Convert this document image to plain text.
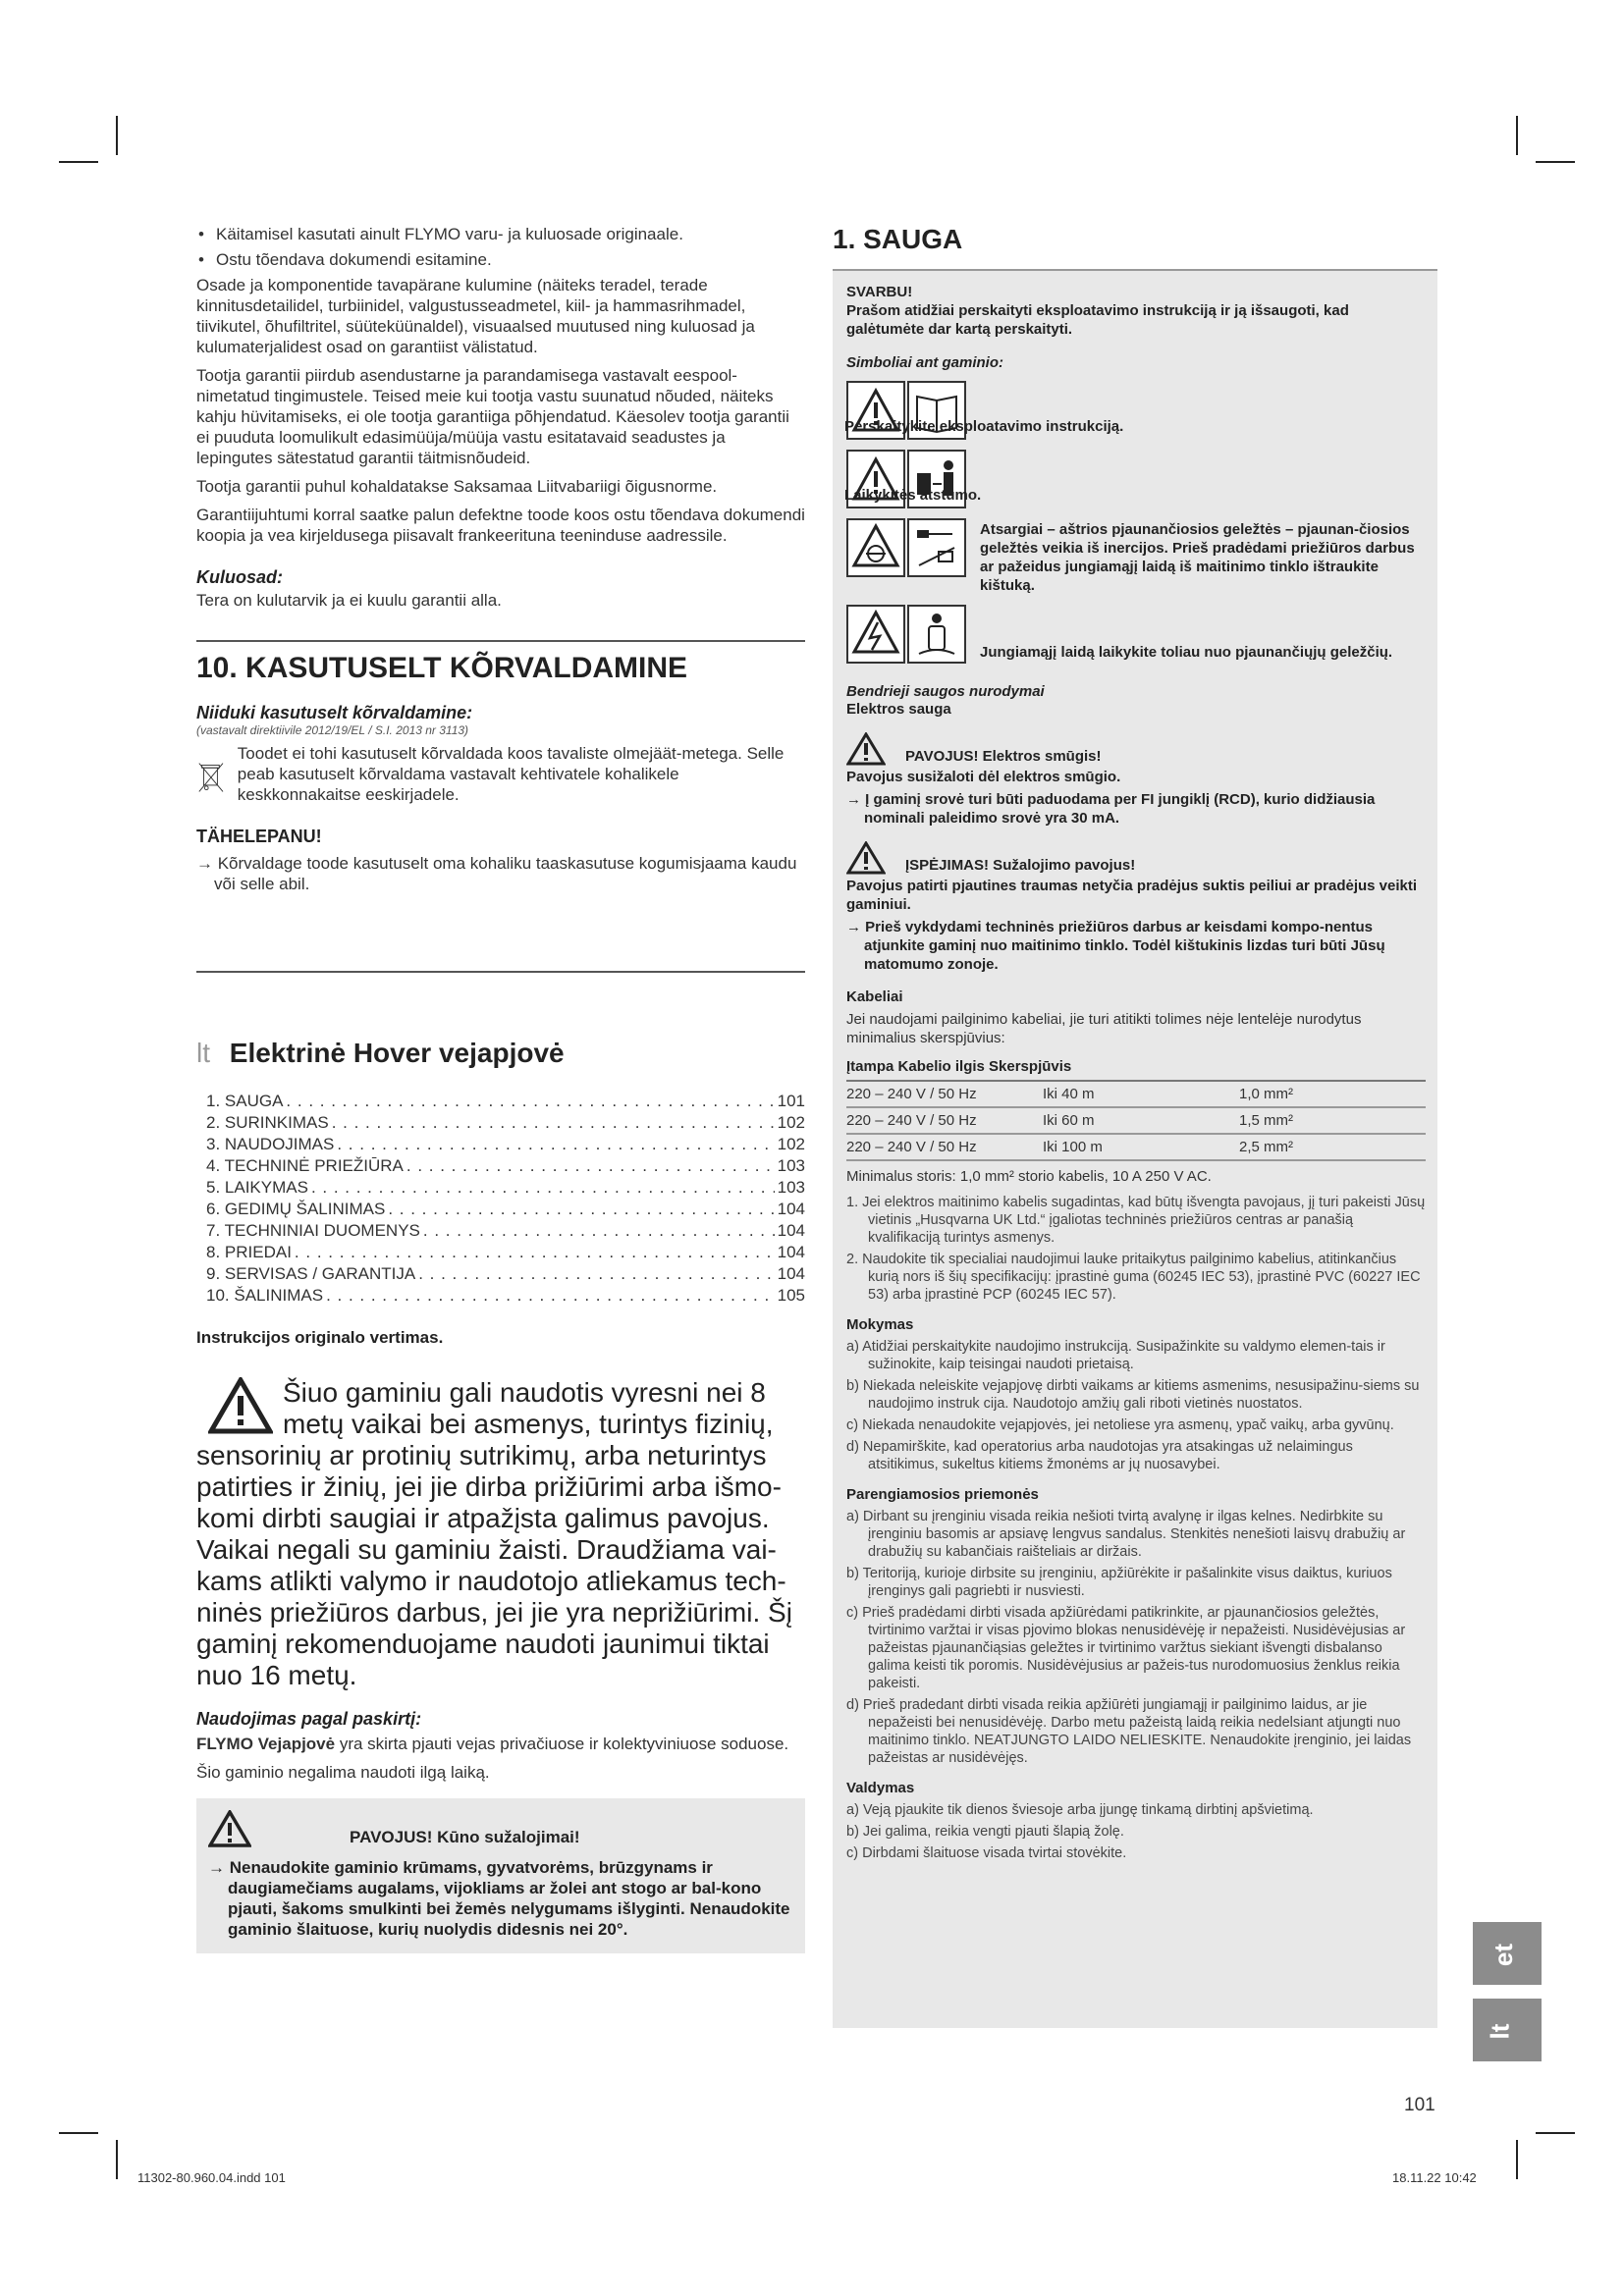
• Käitamisel kasutati ainult FLYMO varu- ja kuluosade originaale.
• Ostu tõendava dokumendi esitamine.

Osade ja komponentide tavapärane kulumine (näiteks teradel, terade kinnitusdetailidel, turbiinidel, valgustusseadmetel, kiil- ja hammasrihmadel, tiivikutel, õhufiltritel, süüteküünaldel), visuaalsed muutused ning kuluosad ja kulumaterjalidest osad on garantiist välistatud.

Tootja garantii piirdub asendustarne ja parandamisega vastavalt eespool-nimetatud tingimustele. Teised meie kui tootja vastu suunatud nõuded, näiteks kahju hüvitamiseks, ei ole tootja garantiiga põhjendatud. Käesolev tootja garantii ei puuduta loomulikult edasimüüja/müüja vastu esitatavaid seadustes ja lepingutes sätestatud garantii täitmisnõudeid.

Tootja garantii puhul kohaldatakse Saksamaa Liitvabariigi õigusnormе.

Garantiijuhtumi korral saatke palun defektne toode koos ostu tõendava dokumendi koopia ja vea kirjeldusega piisavalt frankeerituna teeninduse aadressile.

Kuluosad:

Tera on kulutarvik ja ei kuulu garantii alla.

10. KASUTUSELT KÕRVALDAMINE
Niiduki kasutuselt kõrvaldamine:
(vastavalt direktiivile 2012/19/EL / S.I. 2013 nr 3113)

Toodet ei tohi kasutuselt kõrvaldada koos tavaliste olmejäät-metega. Selle peab kasutuselt kõrvaldama vastavalt kehtivatele kohalikele keskkonnakaitse eeskirjadele.

TÄHELEPANU!

→ Kõrvaldage toode kasutuselt oma kohaliku taaskasutuse kogumisjaama kaudu või selle abil.

lt Elektrinė Hover vejapjovė
1. SAUGA . . .	101
2. SURINKIMAS . . .	102
3. NAUDOJIMAS . . .	102
4. TECHNINĖ PRIEŽIŪRA . . .	103
5. LAIKYMAS . . .	103
6. GEDIMŲ ŠALINIMAS . . .	104
7. TECHNINIAI DUOMENYS . . .	104
8. PRIEDAI . . .	104
9. SERVISAS / GARANTIJA . . .	104
10. ŠALINIMAS . . .	105
Instrukcijos originalo vertimas.
Šiuo gaminiu gali naudotis vyresni nei 8 metų vaikai bei asmenys, turintys fizinių, sensorinių ar protinių sutrikimų, arba neturintys patirties ir žinių, jei jie dirba prižiūrimi arba išmo-komi dirbti saugiai ir atpažįsta galimus pavojus. Vaikai negali su gaminiu žaisti. Draudžiama vai-kams atlikti valymo ir naudotojo atliekamus tech-ninės priežiūros darbus, jei jie yra neprižiūrimi. Šį gaminį rekomenduojame naudoti jaunimui tiktai nuo 16 metų.
Naudojimas pagal paskirtį:

FLYMO Vejapjovė yra skirta pjauti vejas privačiuose ir kolektyviniuose soduose.

Šio gaminio negalima naudoti ilgą laiką.

PAVOJUS! Kūno sužalojimai!

→ Nenaudokite gaminio krūmams, gyvatvorėms, brūzgynams ir daugiamečiams augalams, vijokliams ar žolei ant stogo ar bal-kono pjauti, šakoms smulkinti bei žemės nelygumams išlyginti. Nenaudokite gaminio šlaituose, kurių nuolydis didesnis nei 20°.

1. SAUGA
SVARBU!
Prašom atidžiai perskaityti eksploatavimo instrukciją ir ją išsaugoti, kad galėtumėte dar kartą perskaityti.
Simboliai ant gaminio:
Perskaitykite eksploatavimo instrukciją.
Laikykitės atstumo.
Atsargiai – aštrios pjaunančiosios geležtės – pjaunan-čiosios geležtės veikia iš inercijos. Prieš pradėdami priežiūros darbus ar pažeidus jungiamąjį laidą iš maitinimo tinklo ištraukite kištuką.
Jungiamąjį laidą laikykite toliau nuo pjaunančiųjų geležčių.
Bendrieji saugos nurodymai
Elektros sauga
PAVOJUS! Elektros smūgis!
Pavojus susižaloti dėl elektros smūgio.
→ Į gaminį srovė turi būti paduodama per FI jungiklį (RCD), kurio didžiausia nominali paleidimo srovė yra 30 mA.
ĮSPĖJIMAS! Sužalojimo pavojus!
Pavojus patirti pjautines traumas netyčia pradėjus suktis peiliui ar pradėjus veikti gaminiui.
→ Prieš vykdydami techninės priežiūros darbus ar keisdami kompo-nentus atjunkite gaminį nuo maitinimo tinklo. Todėl kištukinis lizdas turi būti Jūsų matomumo zonoje.
Kabeliai
Jei naudojami pailginimo kabeliai, jie turi atitikti tolimes nėje lentelėje nurodytus minimalius skerspjūvius:
Įtampa Kabelio ilgis Skerspjūvis
220 – 240 V / 50 Hz	Iki 40 m	1,0 mm²
220 – 240 V / 50 Hz	Iki 60 m	1,5 mm²
220 – 240 V / 50 Hz	Iki 100 m	2,5 mm²
Minimalus storis: 1,0 mm² storio kabelis, 10 A 250 V AC.
1. Jei elektros maitinimo kabelis sugadintas, kad būtų išvengta pavojaus, jį turi pakeisti Jūsų vietinis „Husqvarna UK Ltd.“ įgaliotas techninės priežiūros centras ar panašią kvalifikaciją turintys asmenys.
2. Naudokite tik specialiai naudojimui lauke pritaikytus pailginimo kabelius, atitinkančius kurią nors iš šių specifikacijų: įprastinė guma (60245 IEC 53), įprastinė PVC (60227 IEC 53) arba įprastinė PCP (60245 IEC 57).
Mokymas
a) Atidžiai perskaitykite naudojimo instrukciją. Susipažinkite su valdymo elemen-tais ir sužinokite, kaip teisingai naudoti prietaisą.
b) Niekada neleiskite vejapjovę dirbti vaikams ar kitiems asmenims, nesusipažinu-siems su naudojimo instruk cija. Naudotojo amžių gali riboti vietinės nuostatos.
c) Niekada nenaudokite vejapjovės, jei netoliese yra asmenų, ypač vaikų, arba gyvūnų.
d) Nepamirškite, kad operatorius arba naudotojas yra atsakingas už nelaimingus atsitikimus, sukeltus kitiems žmonėms ar jų nuosavybei.
Parengiamosios priemonės
a) Dirbant su įrenginiu visada reikia nešioti tvirtą avalynę ir ilgas kelnes. Nedirbkite su įrenginiu basomis ar apsiavę lengvus sandalus. Stenkitės nenešioti laisvų drabužių ar drabužių su kabančiais raišteliais ar diržais.
b) Teritoriją, kurioje dirbsite su įrenginiu, apžiūrėkite ir pašalinkite visus daiktus, kuriuos įrenginys gali pagriebti ir nusviesti.
c) Prieš pradėdami dirbti visada apžiūrėdami patikrinkite, ar pjaunančiosios geležtės, tvirtinimo varžtai ir visas pjovimo blokas nenusidėvėję ir nepažeisti. Nusidėvėjusias ar pažeistas pjaunančiąsias geležtes ir tvirtinimo varžtus siekiant išvengti disbalanso galima keisti tik poromis. Nusidėvėjusius ar pažeis-tus nurodomuosius ženklus reikia pakeisti.
d) Prieš pradedant dirbti visada reikia apžiūrėti jungiamąjį ir pailginimo laidus, ar jie nepažeisti bei nenusidėvėję. Darbo metu pažeistą laidą reikia nedelsiant atjungti nuo maitinimo tinklo. NEATJUNGTO LAIDO NELIESKITE. Nenaudokite įrenginio, jei laidas pažeistas ar nusidėvėjęs.
Valdymas
a) Veją pjaukite tik dienos šviesoje arba įjungę tinkamą dirbtinį apšvietimą.
b) Jei galima, reikia vengti pjauti šlapią žolę.
c) Dirbdami šlaituose visada tvirtai stovėkite.
et
lt
101
11302-80.960.04.indd 101	18.11.22 10:42
